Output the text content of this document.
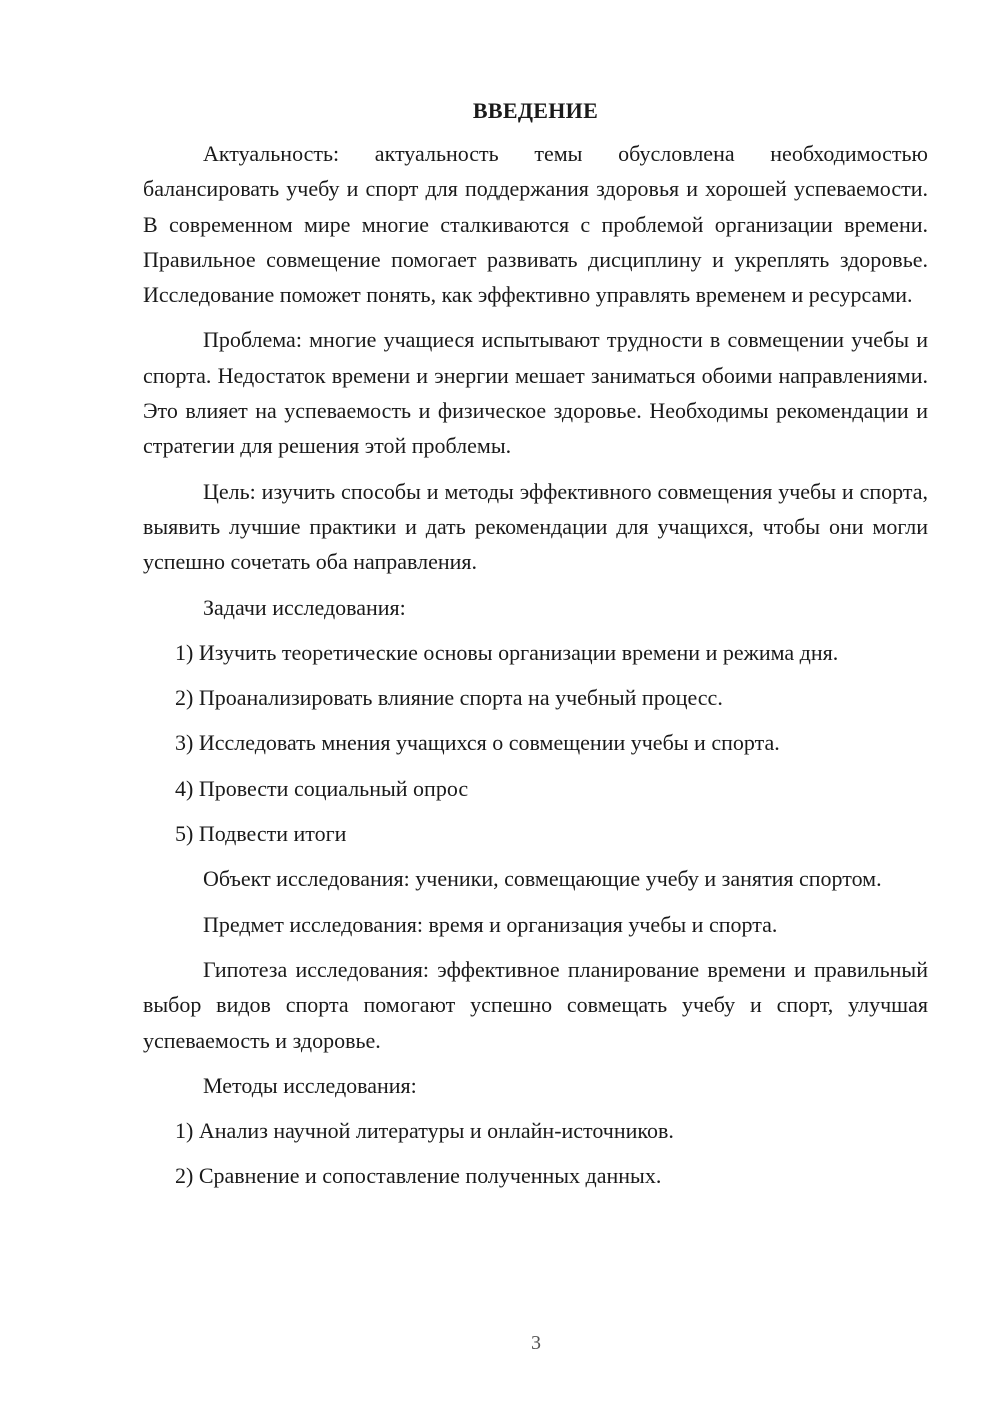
ВВЕДЕНИЕ

Актуальность: актуальность темы обусловлена необходимостью балансировать учебу и спорт для поддержания здоровья и хорошей успеваемости. В современном мире многие сталкиваются с проблемой организации времени. Правильное совмещение помогает развивать дисциплину и укреплять здоровье. Исследование поможет понять, как эффективно управлять временем и ресурсами.

Проблема: многие учащиеся испытывают трудности в совмещении учебы и спорта. Недостаток времени и энергии мешает заниматься обоими направлениями. Это влияет на успеваемость и физическое здоровье. Необходимы рекомендации и стратегии для решения этой проблемы.

Цель: изучить способы и методы эффективного совмещения учебы и спорта, выявить лучшие практики и дать рекомендации для учащихся, чтобы они могли успешно сочетать оба направления.

Задачи исследования:

1) Изучить теоретические основы организации времени и режима дня.
2) Проанализировать влияние спорта на учебный процесс.
3) Исследовать мнения учащихся о совмещении учебы и спорта.
4) Провести социальный опрос
5) Подвести итоги

Объект исследования: ученики, совмещающие учебу и занятия спортом.

Предмет исследования: время и организация учебы и спорта.

Гипотеза исследования: эффективное планирование времени и правильный выбор видов спорта помогают успешно совмещать учебу и спорт, улучшая успеваемость и здоровье.

Методы исследования:

1) Анализ научной литературы и онлайн-источников.
2) Сравнение и сопоставление полученных данных.
3
